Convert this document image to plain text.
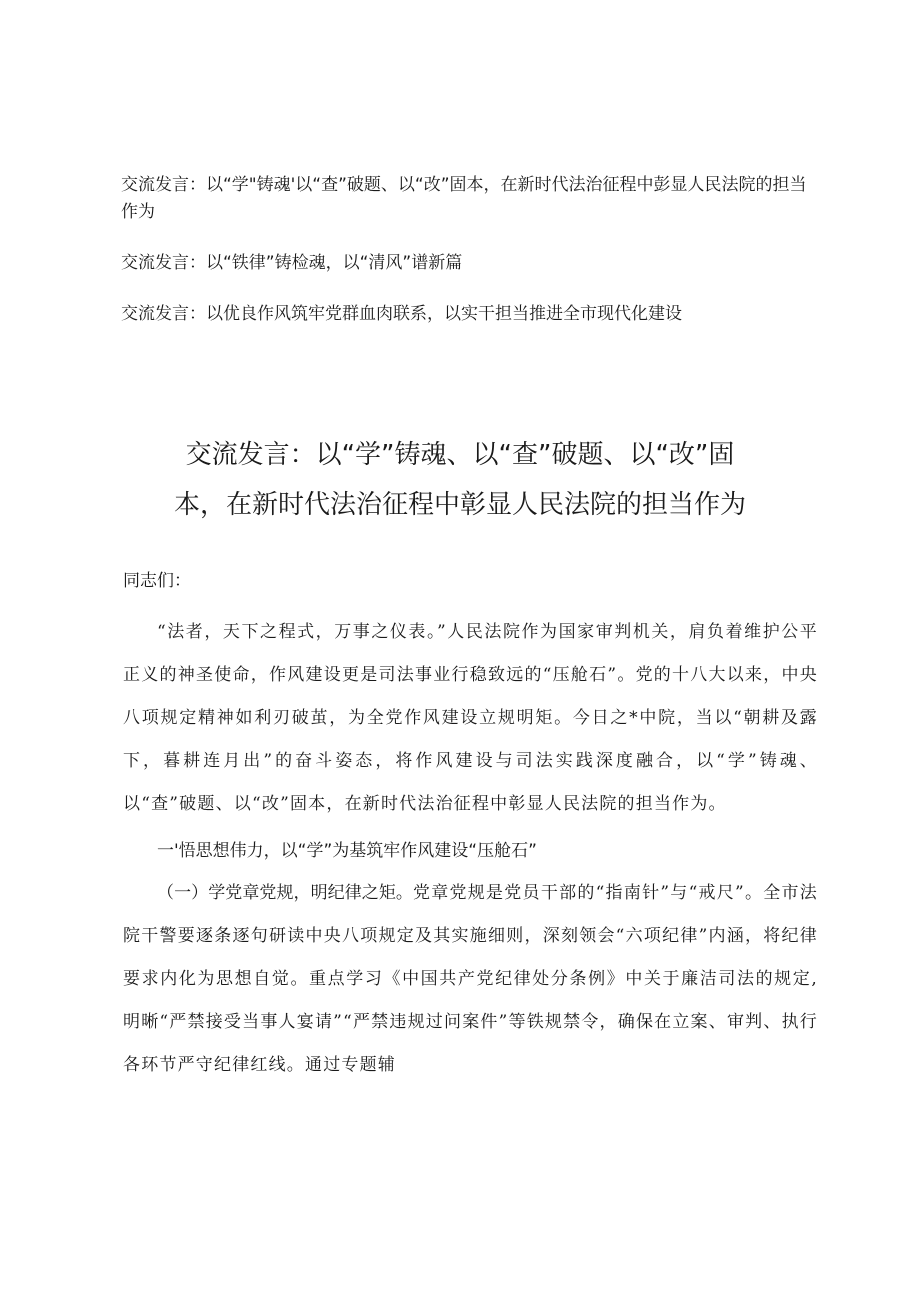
交流发言：以“学"铸魂'以“查”破题、以“改”固本，在新时代法治征程中彭显人民法院的担当作为
交流发言：以“铁律”铸检魂，以“清风”谱新篇
交流发言：以优良作风筑牢党群血肉联系，以实干担当推进全市现代化建设
交流发言：以“学”铸魂、以“查”破题、以“改”固
本，在新时代法治征程中彰显人民法院的担当作为

同志们：

“法者，天下之程式，万事之仪表。”人民法院作为国家审判机关，肩负着维护公平正义的神圣使命，作风建设更是司法事业行稳致远的“压舱石”。党的十八大以来，中央八项规定精神如利刃破茧，为全党作风建设立规明矩。今日之*中院，当以“朝耕及露下，暮耕连月出”的奋斗姿态，将作风建设与司法实践深度融合，以“学”铸魂、以“查”破题、以“改”固本，在新时代法治征程中彰显人民法院的担当作为。

一'悟思想伟力，以“学”为基筑牢作风建设“压舱石”

（一）学党章党规，明纪律之矩。党章党规是党员干部的“指南针”与“戒尺”。全市法院干警要逐条逐句研读中央八项规定及其实施细则，深刻领会“六项纪律”内涵，将纪律要求内化为思想自觉。重点学习《中国共产党纪律处分条例》中关于廉洁司法的规定,明晰“严禁接受当事人宴请”“严禁违规过问案件”等铁规禁令，确保在立案、审判、执行各环节严守纪律红线。通过专题辅
